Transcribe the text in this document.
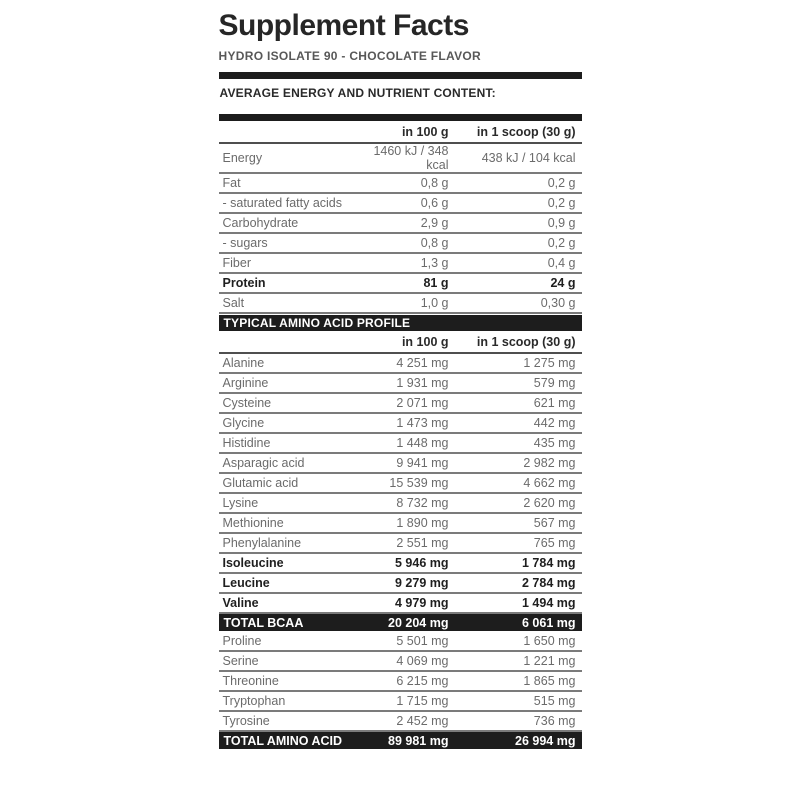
Supplement Facts
HYDRO ISOLATE 90 - CHOCOLATE FLAVOR
AVERAGE ENERGY AND NUTRIENT CONTENT:
	in 100 g	in 1 scoop (30 g)
Energy	1460 kJ / 348 kcal	438 kJ / 104 kcal
Fat	0,8 g	0,2 g
- saturated fatty acids	0,6 g	0,2 g
Carbohydrate	2,9 g	0,9 g
- sugars	0,8 g	0,2 g
Fiber	1,3 g	0,4 g
Protein	81 g	24 g
Salt	1,0 g	0,30 g
TYPICAL AMINO ACID PROFILE
	in 100 g	in 1 scoop (30 g)
Alanine	4 251 mg	1 275 mg
Arginine	1 931 mg	579 mg
Cysteine	2 071 mg	621 mg
Glycine	1 473 mg	442 mg
Histidine	1 448 mg	435 mg
Asparagic acid	9 941 mg	2 982 mg
Glutamic acid	15 539 mg	4 662 mg
Lysine	8 732 mg	2 620 mg
Methionine	1 890 mg	567 mg
Phenylalanine	2 551 mg	765 mg
Isoleucine	5 946 mg	1 784 mg
Leucine	9 279 mg	2 784 mg
Valine	4 979 mg	1 494 mg
TOTAL BCAA	20 204 mg	6 061 mg
Proline	5 501 mg	1 650 mg
Serine	4 069 mg	1 221 mg
Threonine	6 215 mg	1 865 mg
Tryptophan	1 715 mg	515 mg
Tyrosine	2 452 mg	736 mg
TOTAL AMINO ACID	89 981 mg	26 994 mg
